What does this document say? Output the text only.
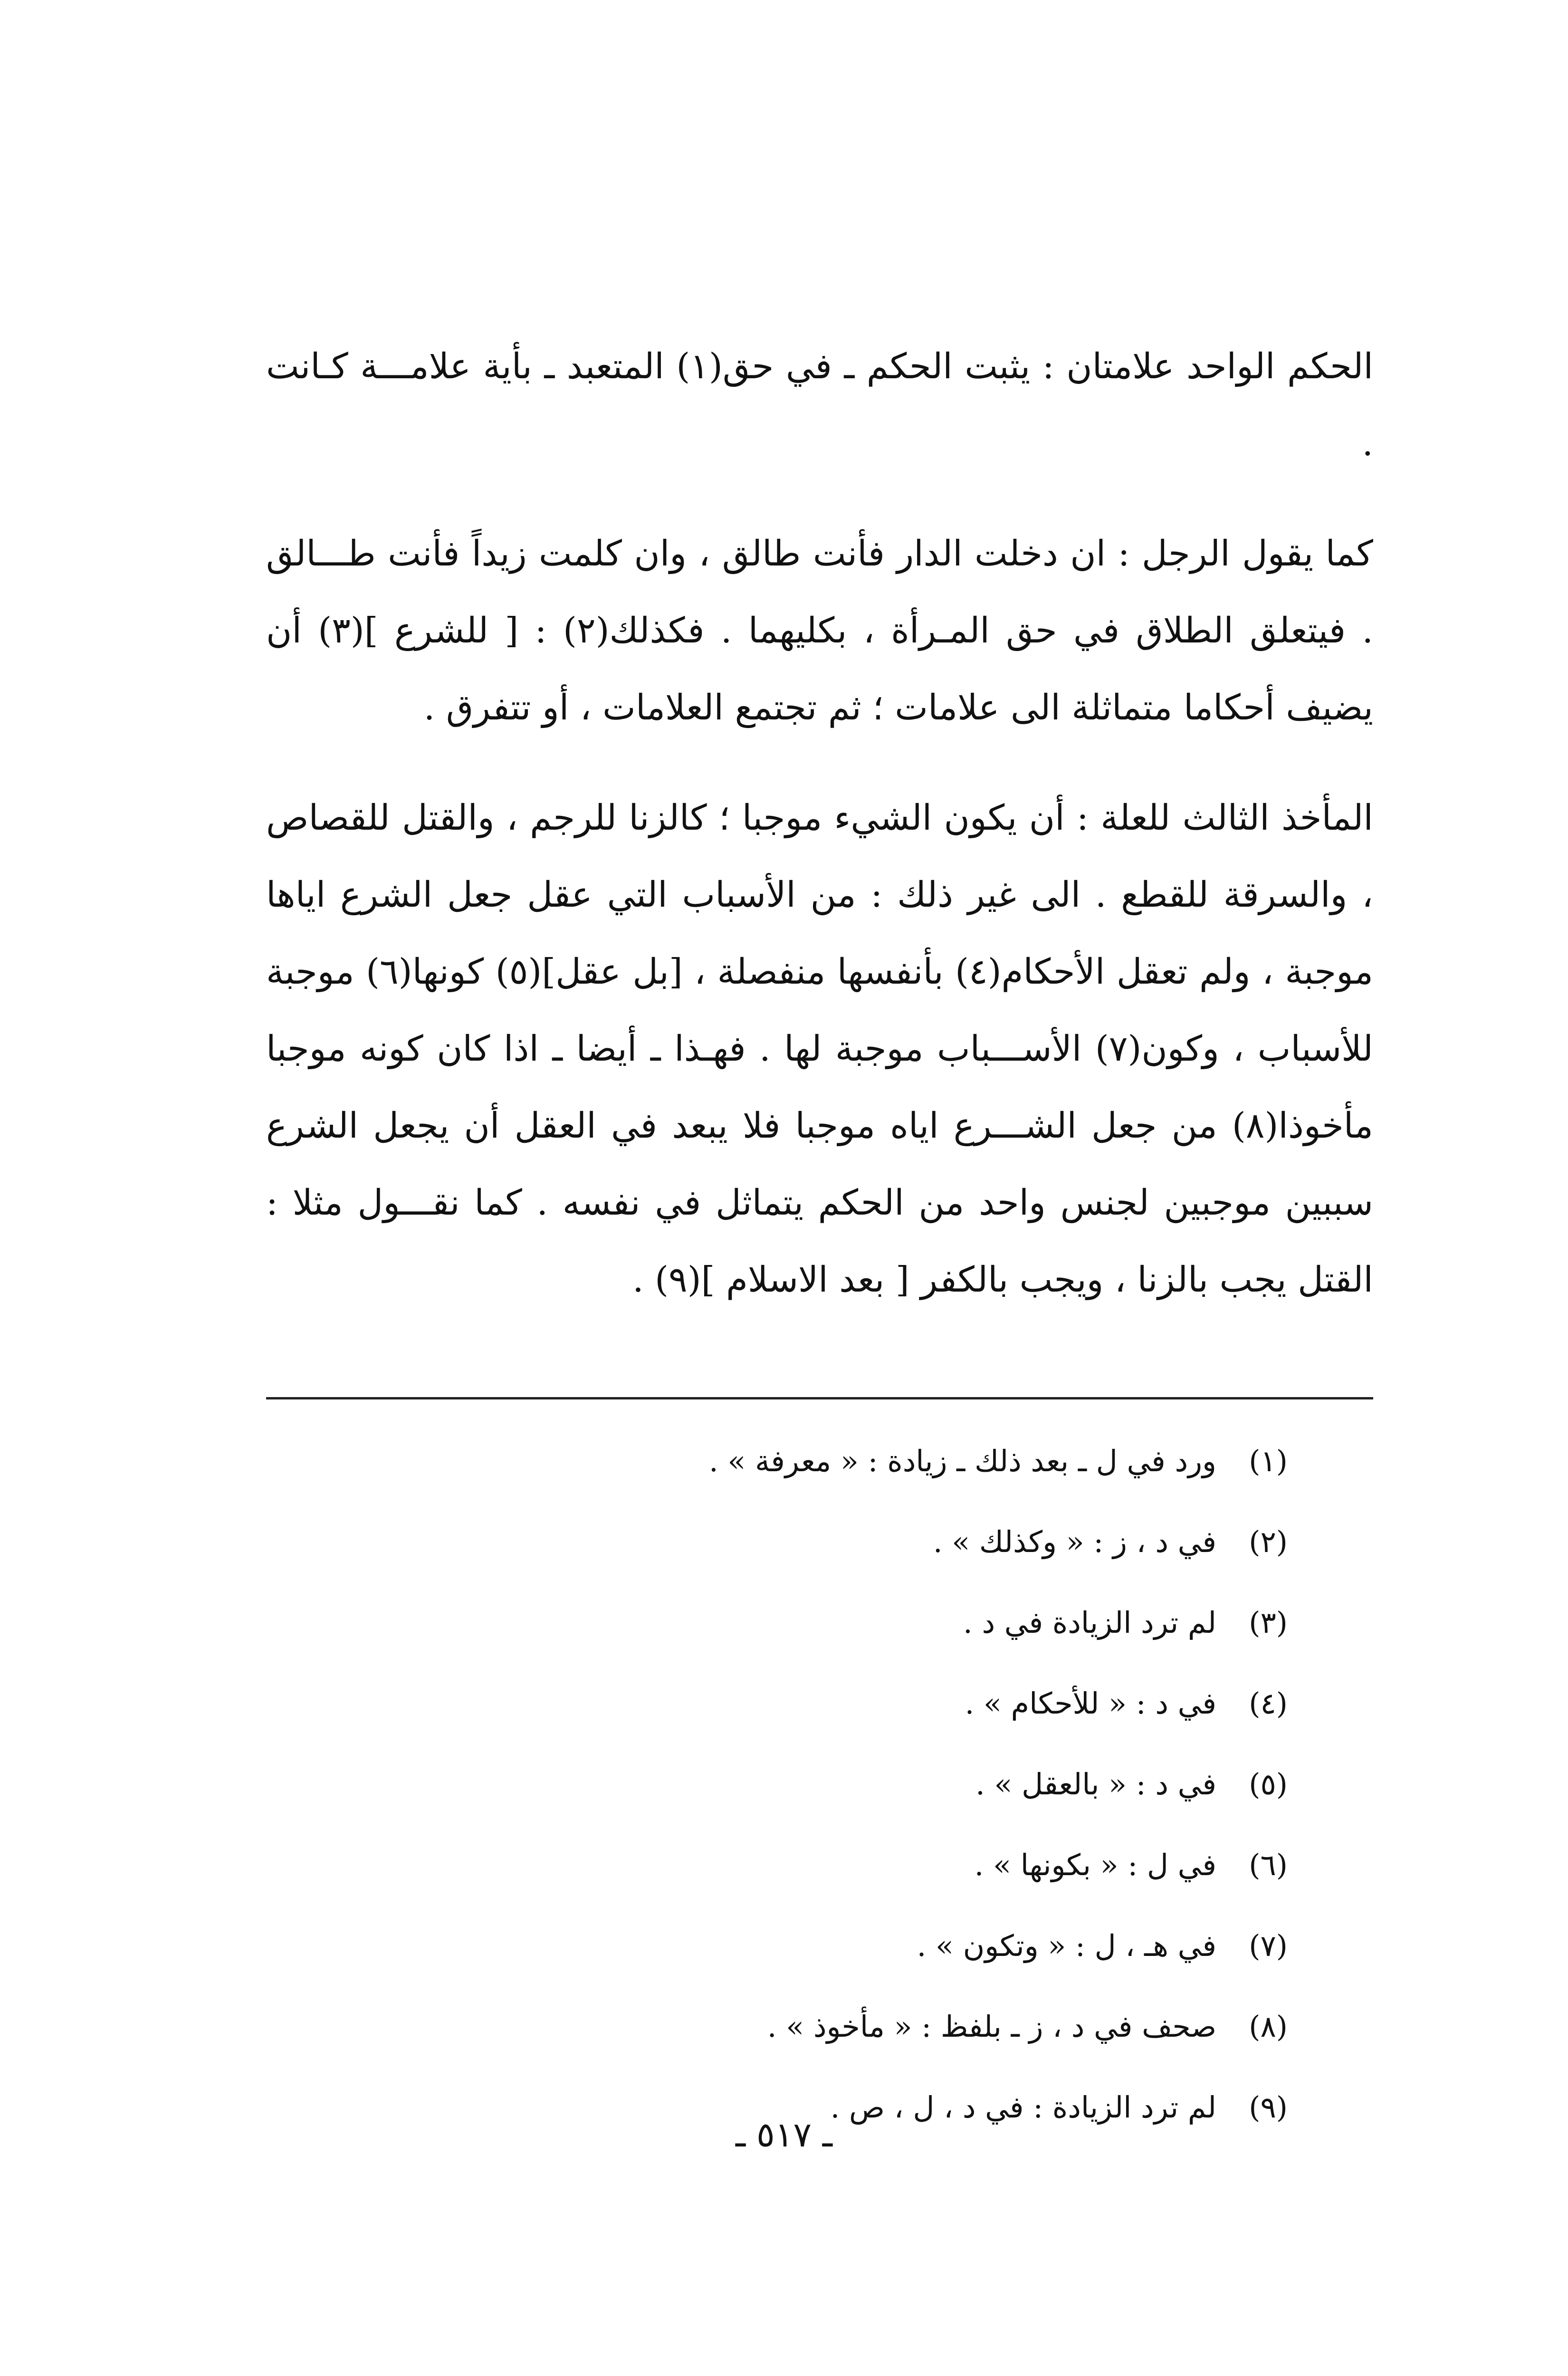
الحكم الواحد علامتان : يثبت الحكم ـ في حق(١) المتعبد ـ بأية علامـــة كـانت .

كما يقول الرجل : ان دخلت الدار فأنت طالق ، وان كلمت زيداً فأنت طـــالق . فيتعلق الطلاق في حق المـرأة ، بكليهما . فكذلك(٢) : [ للشرع ](٣) أن يضيف أحكاما متماثلة الى علامات ؛ ثم تجتمع العلامات ، أو تتفرق .

المأخذ الثالث للعلة : أن يكون الشيء موجبا ؛ كالزنا للرجم ، والقتل للقصاص ، والسرقة للقطع . الى غير ذلك : من الأسباب التي عقل جعل الشرع اياها موجبة ، ولم تعقل الأحكام(٤) بأنفسها منفصلة ، [بل عقل](٥) كونها(٦) موجبة للأسباب ، وكون(٧) الأســـباب موجبة لها . فهـذا ـ أيضا ـ اذا كان كونه موجبا مأخوذا(٨) من جعل الشـــرع اياه موجبا فلا يبعد في العقل أن يجعل الشرع سببين موجبين لجنس واحد من الحكم يتماثل في نفسه . كما نقـــول مثلا : القتل يجب بالزنا ، ويجب بالكفر [ بعد الاسلام ](٩) .

(١)ورد في ل ـ بعد ذلك ـ زيادة : « معرفة » .
(٢)في د ، ز : « وكذلك » .
(٣)لم ترد الزيادة في د .
(٤)في د : « للأحكام » .
(٥)في د : « بالعقل » .
(٦)في ل : « بكونها » .
(٧)في هـ ، ل : « وتكون » .
(٨)صحف في د ، ز ـ بلفظ : « مأخوذ » .
(٩)لم ترد الزيادة : في د ، ل ، ص .
ـ ٥١٧ ـ
